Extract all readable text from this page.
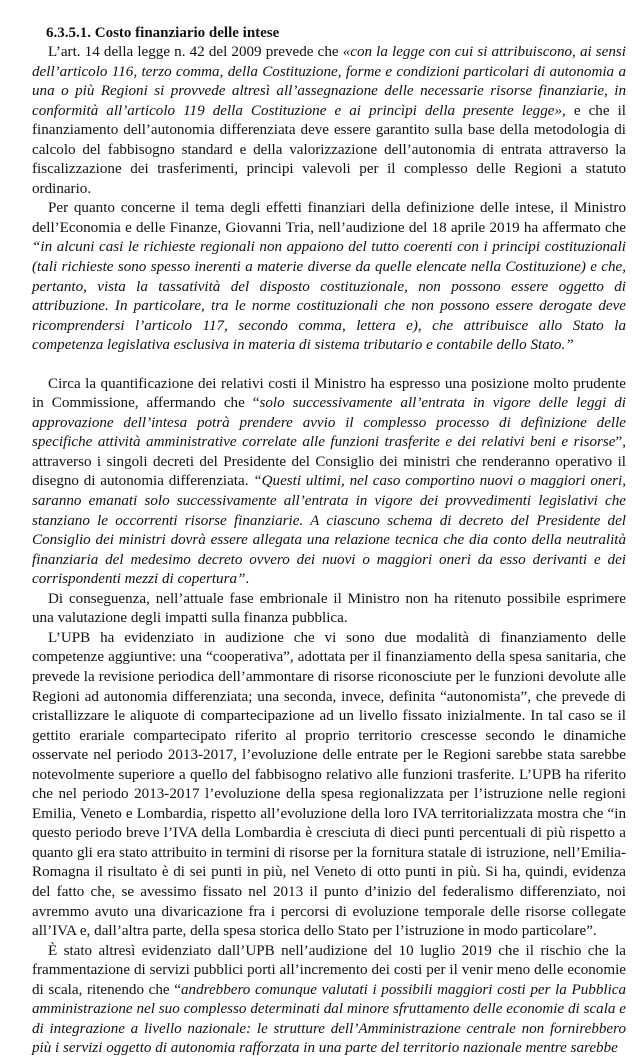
6.3.5.1. Costo finanziario delle intese

L’art. 14 della legge n. 42 del 2009 prevede che «con la legge con cui si attribuiscono, ai sensi dell’articolo 116, terzo comma, della Costituzione, forme e condizioni particolari di autonomia a una o più Regioni si provvede altresì all’assegnazione delle necessarie risorse finanziarie, in conformità all’articolo 119 della Costituzione e ai princìpi della presente legge», e che il finanziamento dell’autonomia differenziata deve essere garantito sulla base della metodologia di calcolo del fabbisogno standard e della valorizzazione dell’autonomia di entrata attraverso la fiscalizzazione dei trasferimenti, principi valevoli per il complesso delle Regioni a statuto ordinario.

Per quanto concerne il tema degli effetti finanziari della definizione delle intese, il Ministro dell’Economia e delle Finanze, Giovanni Tria, nell’audizione del 18 aprile 2019 ha affermato che “in alcuni casi le richieste regionali non appaiono del tutto coerenti con i principi costituzionali (tali richieste sono spesso inerenti a materie diverse da quelle elencate nella Costituzione) e che, pertanto, vista la tassatività del disposto costituzionale, non possono essere oggetto di attribuzione. In particolare, tra le norme costituzionali che non possono essere derogate deve ricomprendersi l’articolo 117, secondo comma, lettera e), che attribuisce allo Stato la competenza legislativa esclusiva in materia di sistema tributario e contabile dello Stato.”

Circa la quantificazione dei relativi costi il Ministro ha espresso una posizione molto prudente in Commissione, affermando che “solo successivamente all’entrata in vigore delle leggi di approvazione dell’intesa potrà prendere avvio il complesso processo di definizione delle specifiche attività amministrative correlate alle funzioni trasferite e dei relativi beni e risorse”, attraverso i singoli decreti del Presidente del Consiglio dei ministri che renderanno operativo il disegno di autonomia differenziata. “Questi ultimi, nel caso comportino nuovi o maggiori oneri, saranno emanati solo successivamente all’entrata in vigore dei provvedimenti legislativi che stanziano le occorrenti risorse finanziarie. A ciascuno schema di decreto del Presidente del Consiglio dei ministri dovrà essere allegata una relazione tecnica che dia conto della neutralità finanziaria del medesimo decreto ovvero dei nuovi o maggiori oneri da esso derivanti e dei corrispondenti mezzi di copertura”.

Di conseguenza, nell’attuale fase embrionale il Ministro non ha ritenuto possibile esprimere una valutazione degli impatti sulla finanza pubblica.

L’UPB ha evidenziato in audizione che vi sono due modalità di finanziamento delle competenze aggiuntive: una “cooperativa”, adottata per il finanziamento della spesa sanitaria, che prevede la revisione periodica dell’ammontare di risorse riconosciute per le funzioni devolute alle Regioni ad autonomia differenziata; una seconda, invece, definita “autonomista”, che prevede di cristallizzare le aliquote di compartecipazione ad un livello fissato inizialmente. In tal caso se il gettito erariale compartecipato riferito al proprio territorio crescesse secondo le dinamiche osservate nel periodo 2013-2017, l’evoluzione delle entrate per le Regioni sarebbe stata sarebbe notevolmente superiore a quello del fabbisogno relativo alle funzioni trasferite. L’UPB ha riferito che nel periodo 2013-2017 l’evoluzione della spesa regionalizzata per l’istruzione nelle regioni Emilia, Veneto e Lombardia, rispetto all’evoluzione della loro IVA territorializzata mostra che “in questo periodo breve l’IVA della Lombardia è cresciuta di dieci punti percentuali di più rispetto a quanto gli era stato attribuito in termini di risorse per la fornitura statale di istruzione, nell’Emilia-Romagna il risultato è di sei punti in più, nel Veneto di otto punti in più. Si ha, quindi, evidenza del fatto che, se avessimo fissato nel 2013 il punto d’inizio del federalismo differenziato, noi avremmo avuto una divaricazione fra i percorsi di evoluzione temporale delle risorse collegate all’IVA e, dall’altra parte, della spesa storica dello Stato per l’istruzione in modo particolare”.

È stato altresì evidenziato dall’UPB nell’audizione del 10 luglio 2019 che il rischio che la frammentazione di servizi pubblici porti all’incremento dei costi per il venir meno delle economie di scala, ritenendo che “andrebbero comunque valutati i possibili maggiori costi per la Pubblica amministrazione nel suo complesso determinati dal minore sfruttamento delle economie di scala e di integrazione a livello nazionale: le strutture dell’Amministrazione centrale non fornirebbero più i servizi oggetto di autonomia rafforzata in una parte del territorio nazionale mentre sarebbe
